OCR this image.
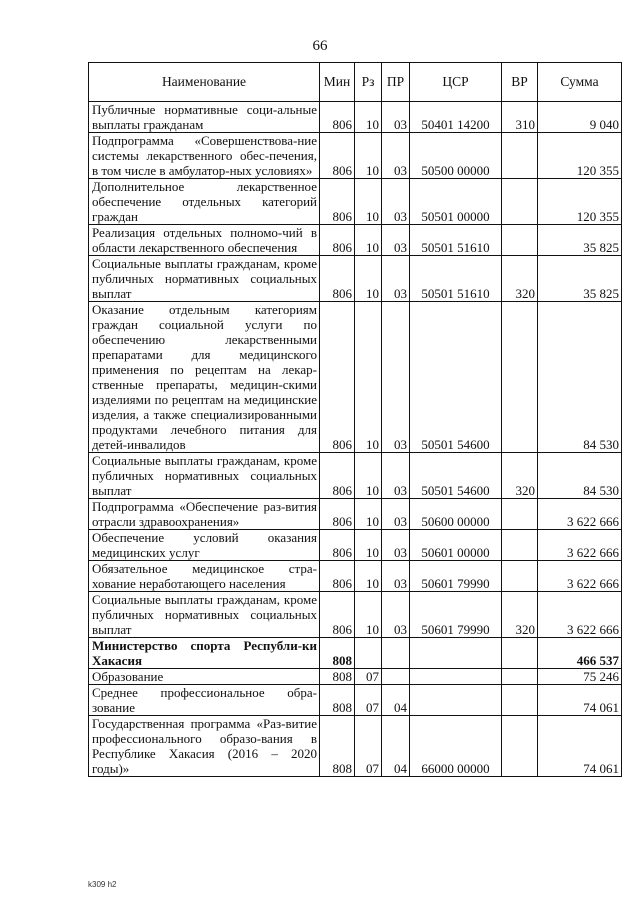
66
Наименование	Мин	Рз	ПР	ЦСР	ВР	Сумма
Публичные нормативные соци-альные выплаты гражданам	806	10	03	50401 14200	310	9 040
Подпрограмма «Совершенствова-ние системы лекарственного обес-печения, в том числе в амбулатор-ных условиях»	806	10	03	50500 00000		120 355
Дополнительное лекарственное обеспечение отдельных категорий граждан	806	10	03	50501 00000		120 355
Реализация отдельных полномо-чий в области лекарственного обеспечения	806	10	03	50501 51610		35 825
Социальные выплаты гражданам, кроме публичных нормативных социальных выплат	806	10	03	50501 51610	320	35 825
Оказание отдельным категориям граждан социальной услуги по обеспечению лекарственными препаратами для медицинского применения по рецептам на лекар-ственные препараты, медицин-скими изделиями по рецептам на медицинские изделия, а также специализированными продуктами лечебного питания для детей-инвалидов	806	10	03	50501 54600		84 530
Социальные выплаты гражданам, кроме публичных нормативных социальных выплат	806	10	03	50501 54600	320	84 530
Подпрограмма «Обеспечение раз-вития отрасли здравоохранения»	806	10	03	50600 00000		3 622 666
Обеспечение условий оказания медицинских услуг	806	10	03	50601 00000		3 622 666
Обязательное медицинское стра-хование неработающего населения	806	10	03	50601 79990		3 622 666
Социальные выплаты гражданам, кроме публичных нормативных социальных выплат	806	10	03	50601 79990	320	3 622 666
Министерство спорта Республи-ки Хакасия	808					466 537
Образование	808	07				75 246
Среднее профессиональное обра-зование	808	07	04			74 061
Государственная программа «Раз-витие профессионального образо-вания в Республике Хакасия (2016 – 2020 годы)»	808	07	04	66000 00000		74 061
k309 h2
